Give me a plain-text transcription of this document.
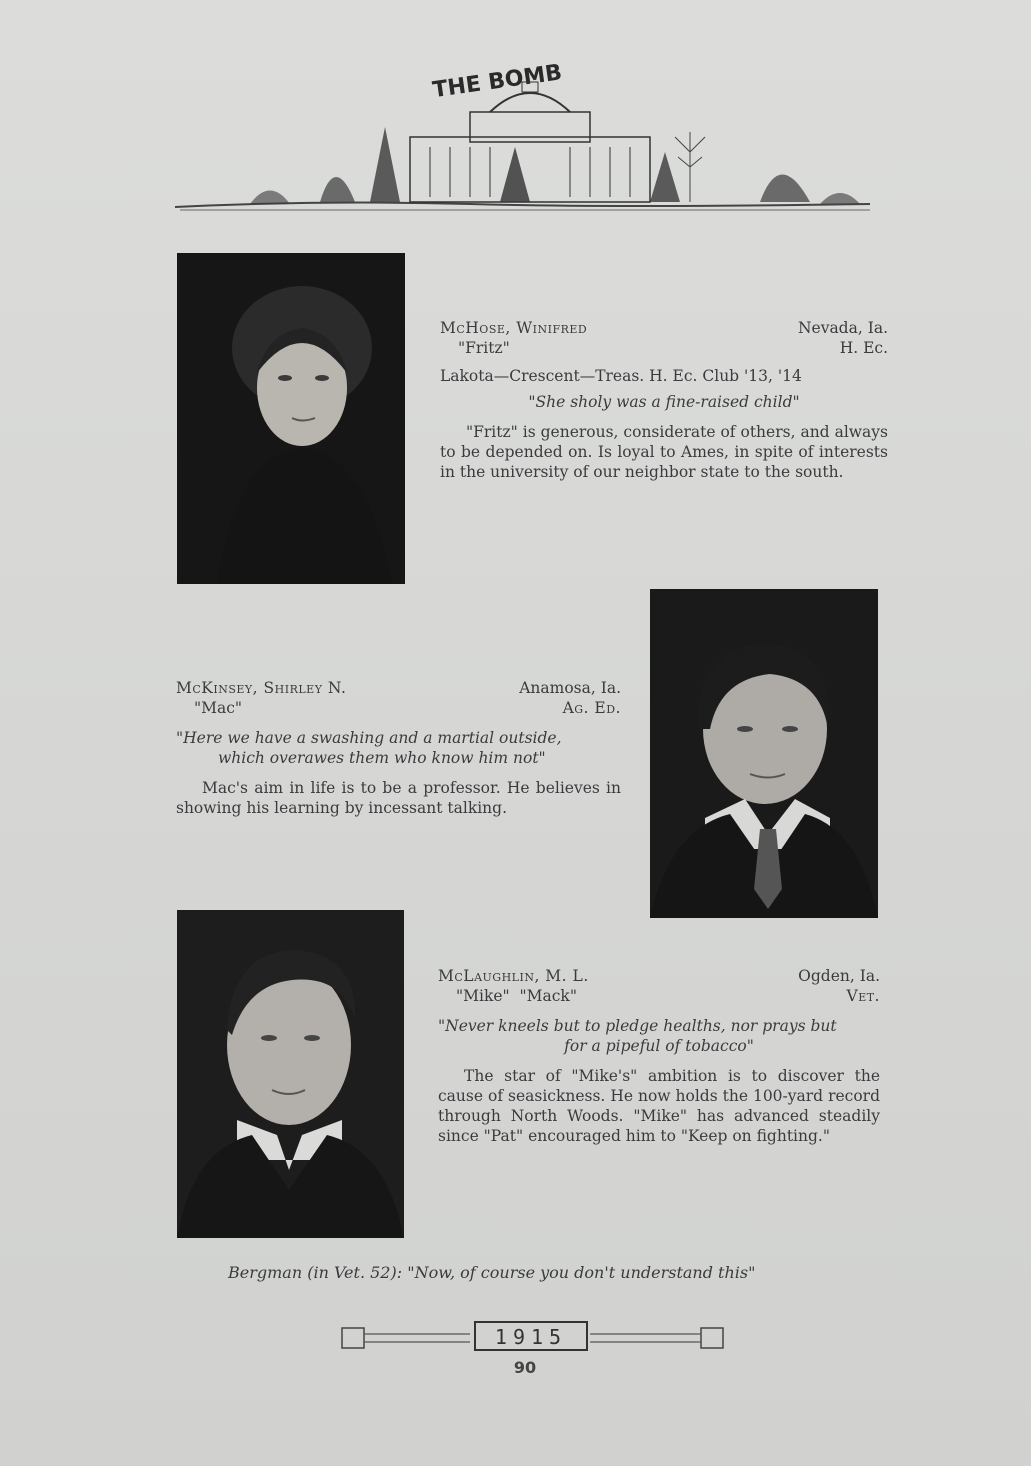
THE BOMB
McHose, Winifred	Nevada, Ia.
"Fritz"	H. Ec.
Lakota—Crescent—Treas. H. Ec. Club '13, '14
"She sholy was a fine-raised child"
"Fritz" is generous, considerate of others, and always to be depended on. Is loyal to Ames, in spite of interests in the university of our neighbor state to the south.
McKinsey, Shirley N.	Anamosa, Ia.
"Mac"	Ag. Ed.
"Here we have a swashing and a martial outside,
which overawes them who know him not"
Mac's aim in life is to be a professor. He believes in showing his learning by incessant talking.
McLaughlin, M. L.	Ogden, Ia.
"Mike"  "Mack"	Vet.
"Never kneels but to pledge healths, nor prays but
for a pipeful of tobacco"
The star of "Mike's" ambition is to discover the cause of seasickness. He now holds the 100-yard record through North Woods. "Mike" has advanced steadily since "Pat" encouraged him to "Keep on fighting."
Bergman (in Vet. 52): "Now, of course you don't understand this"
1915
90
